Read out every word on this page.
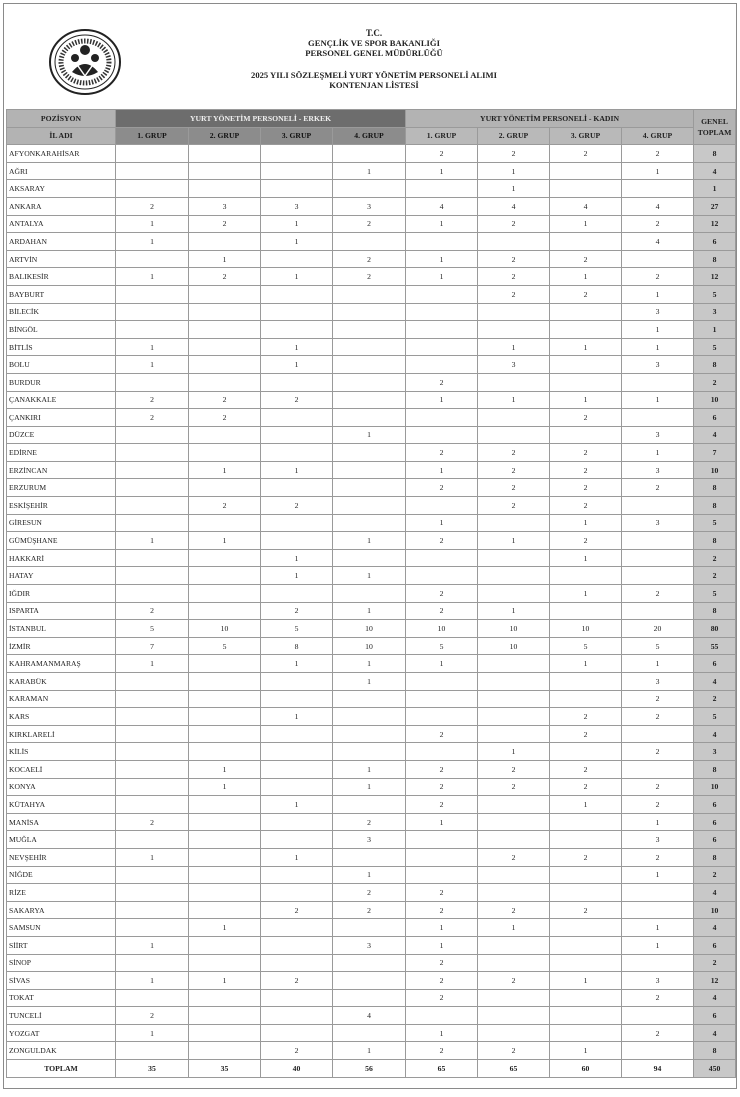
T.C.
GENÇLİK VE SPOR BAKANLIĞI
PERSONEL GENEL MÜDÜRLÜĞÜ
2025 YILI SÖZLEŞMELİ YURT YÖNETİM PERSONELİ ALIMI
KONTENJAN LİSTESİ
POZİSYON	YURT YÖNETİM PERSONELİ - ERKEK				YURT YÖNETİM PERSONELİ - KADIN				GENEL
TOPLAM
İL ADI	1. GRUP	2. GRUP	3. GRUP	4. GRUP	1. GRUP	2. GRUP	3. GRUP	4. GRUP	
AFYONKARAHİSAR					2	2	2	2	8
AĞRI				1	1	1		1	4
AKSARAY						1			1
ANKARA	2	3	3	3	4	4	4	4	27
ANTALYA	1	2	1	2	1	2	1	2	12
ARDAHAN	1		1					4	6
ARTVİN		1		2	1	2	2		8
BALIKESİR	1	2	1	2	1	2	1	2	12
BAYBURT						2	2	1	5
BİLECİK								3	3
BİNGÖL								1	1
BİTLİS	1		1			1	1	1	5
BOLU	1		1			3		3	8
BURDUR					2				2
ÇANAKKALE	2	2	2		1	1	1	1	10
ÇANKIRI	2	2					2		6
DÜZCE				1				3	4
EDİRNE					2	2	2	1	7
ERZİNCAN		1	1		1	2	2	3	10
ERZURUM					2	2	2	2	8
ESKİŞEHİR		2	2			2	2		8
GİRESUN					1		1	3	5
GÜMÜŞHANE	1	1		1	2	1	2		8
HAKKARİ			1				1		2
HATAY			1	1					2
IĞDIR					2		1	2	5
ISPARTA	2		2	1	2	1			8
İSTANBUL	5	10	5	10	10	10	10	20	80
İZMİR	7	5	8	10	5	10	5	5	55
KAHRAMANMARAŞ	1		1	1	1		1	1	6
KARABÜK				1				3	4
KARAMAN								2	2
KARS			1				2	2	5
KIRKLARELİ					2		2		4
KİLİS						1		2	3
KOCAELİ		1		1	2	2	2		8
KONYA		1		1	2	2	2	2	10
KÜTAHYA			1		2		1	2	6
MANİSA	2			2	1			1	6
MUĞLA				3				3	6
NEVŞEHİR	1		1			2	2	2	8
NİĞDE				1				1	2
RİZE				2	2				4
SAKARYA			2	2	2	2	2		10
SAMSUN		1			1	1		1	4
SİİRT	1			3	1			1	6
SİNOP					2				2
SİVAS	1	1	2		2	2	1	3	12
TOKAT					2			2	4
TUNCELİ	2			4					6
YOZGAT	1				1			2	4
ZONGULDAK			2	1	2	2	1		8
TOPLAM	35	35	40	56	65	65	60	94	450
